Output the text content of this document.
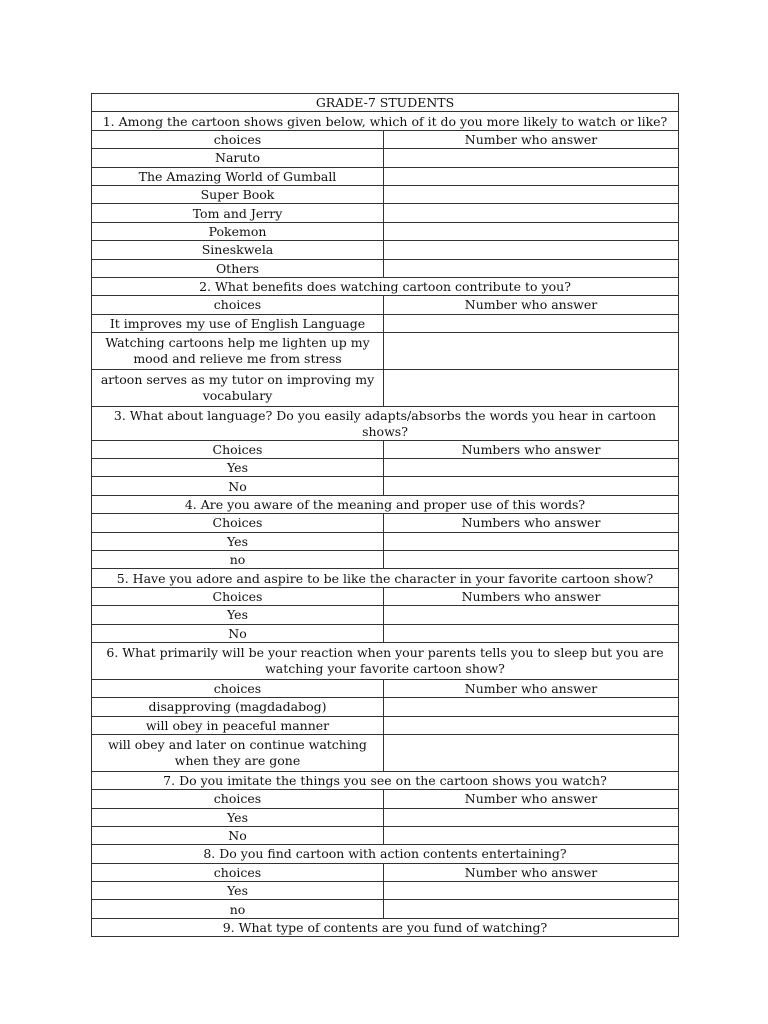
GRADE-7 STUDENTS	
1. Among the cartoon shows given below, which of it do you more likely to watch or like?	
choices	Number who answer
Naruto	
The Amazing World of Gumball	
Super Book	
Tom and Jerry	
Pokemon	
Sineskwela	
Others	
2. What benefits does watching cartoon contribute to you?	
choices	Number who answer
It improves my use of English Language	
Watching cartoons help me lighten up my mood and relieve me from stress	
artoon serves as my tutor on improving my vocabulary	
3. What about language? Do you easily adapts/absorbs the words you hear in cartoon shows?	
Choices	Numbers who answer
Yes	
No	
4. Are you aware of the meaning and proper use of this words?	
Choices	Numbers who answer
Yes	
no	
5. Have you adore and aspire to be like the character in your favorite cartoon show?	
Choices	Numbers who answer
Yes	
No	
6. What primarily will be your reaction when your parents tells you to sleep but you are watching your favorite cartoon show?	
choices	Number who answer
disapproving (magdadabog)	
will obey in peaceful manner	
will obey and later on continue watching when they are gone	
7. Do you imitate the things you see on the cartoon shows you watch?	
choices	Number who answer
Yes	
No	
8. Do you find cartoon with action contents entertaining?	
choices	Number who answer
Yes	
no	
9. What type of contents are you fund of watching?	
